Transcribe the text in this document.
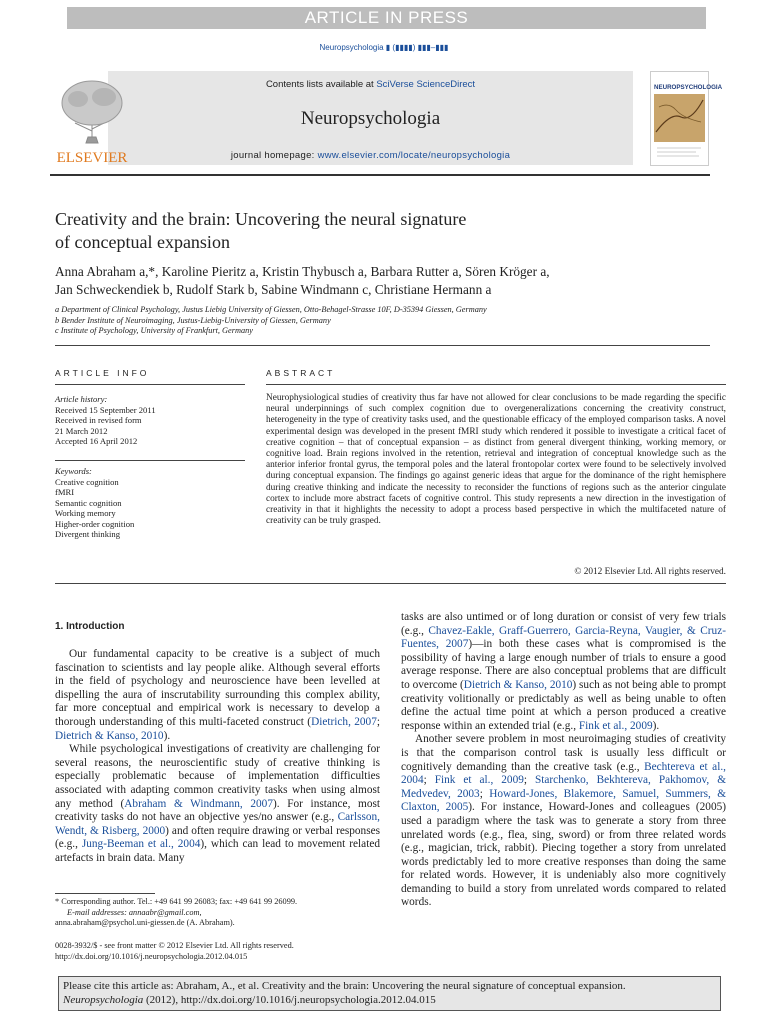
ARTICLE IN PRESS
Neuropsychologia ▮ (▮▮▮▮) ▮▮▮–▮▮▮
ELSEVIER
Contents lists available at SciVerse ScienceDirect
Neuropsychologia
journal homepage: www.elsevier.com/locate/neuropsychologia
NEUROPSYCHOLOGIA
Creativity and the brain: Uncovering the neural signature
of conceptual expansion
Anna Abraham a,*, Karoline Pieritz a, Kristin Thybusch a, Barbara Rutter a, Sören Kröger a,
Jan Schweckendiek b, Rudolf Stark b, Sabine Windmann c, Christiane Hermann a
a Department of Clinical Psychology, Justus Liebig University of Giessen, Otto-Behagel-Strasse 10F, D-35394 Giessen, Germany
b Bender Institute of Neuroimaging, Justus-Liebig-University of Giessen, Germany
c Institute of Psychology, University of Frankfurt, Germany
ARTICLE INFO	ABSTRACT
Article history:
Received 15 September 2011
Received in revised form
21 March 2012
Accepted 16 April 2012
Keywords:
Creative cognition
fMRI
Semantic cognition
Working memory
Higher-order cognition
Divergent thinking
Neurophysiological studies of creativity thus far have not allowed for clear conclusions to be made regarding the specific neural underpinnings of such complex cognition due to overgeneralizations concerning the creativity construct, heterogeneity in the type of creativity tasks used, and the questionable efficacy of the employed comparison tasks. A novel experimental design was developed in the present fMRI study which rendered it possible to investigate a critical facet of creative cognition – that of conceptual expansion – as distinct from general divergent thinking, working memory, or cognitive load. Brain regions involved in the retention, retrieval and integration of conceptual knowledge such as the anterior inferior frontal gyrus, the temporal poles and the lateral frontopolar cortex were found to be selectively involved during conceptual expansion. The findings go against generic ideas that argue for the dominance of the right hemisphere during creative thinking and indicate the necessity to reconsider the functions of regions such as the anterior cingulate cortex to include more abstract facets of cognitive control. This study represents a new direction in the investigation of creativity in that it highlights the necessity to adopt a process based perspective in which the multifaceted nature of creativity can be truly grasped.
© 2012 Elsevier Ltd. All rights reserved.
1. Introduction

Our fundamental capacity to be creative is a subject of much fascination to scientists and lay people alike. Although several efforts in the field of psychology and neuroscience have been levelled at dispelling the aura of inscrutability surrounding this complex ability, far more conceptual and empirical work is necessary to develop a thorough understanding of this multi-faceted construct (Dietrich, 2007; Dietrich & Kanso, 2010).

While psychological investigations of creativity are challenging for several reasons, the neuroscientific study of creative thinking is especially problematic because of implementation difficulties associated with adapting common creativity tasks when using almost any method (Abraham & Windmann, 2007). For instance, most creativity tasks do not have an objective yes/no answer (e.g., Carlsson, Wendt, & Risberg, 2000) and often require drawing or verbal responses (e.g., Jung-Beeman et al., 2004), which can lead to movement related artefacts in brain data. Many

tasks are also untimed or of long duration or consist of very few trials (e.g., Chavez-Eakle, Graff-Guerrero, Garcia-Reyna, Vaugier, & Cruz-Fuentes, 2007)—in both these cases what is compromised is the possibility of having a large enough number of trials to ensure a good average response. There are also conceptual problems that are difficult to overcome (Dietrich & Kanso, 2010) such as not being able to prompt creativity volitionally or predictably as well as being unable to often define the actual time point at which a person produced a creative response within an extended trial (e.g., Fink et al., 2009).

Another severe problem in most neuroimaging studies of creativity is that the comparison control task is usually less difficult or cognitively demanding than the creative task (e.g., Bechtereva et al., 2004; Fink et al., 2009; Starchenko, Bekhtereva, Pakhomov, & Medvedev, 2003; Howard-Jones, Blakemore, Samuel, Summers, & Claxton, 2005). For instance, Howard-Jones and colleagues (2005) used a paradigm where the task was to generate a story from three unrelated words (e.g., flea, sing, sword) or from three related words (e.g., magician, trick, rabbit). Piecing together a story from unrelated words predictably led to more creative responses than doing the same for related words. However, it is undeniably also more cognitively demanding to build a story from unrelated words compared to related words.

* Corresponding author. Tel.: +49 641 99 26083; fax: +49 641 99 26099.
E-mail addresses: annaabr@gmail.com,
anna.abraham@psychol.uni-giessen.de (A. Abraham).
0028-3932/$ - see front matter © 2012 Elsevier Ltd. All rights reserved.
http://dx.doi.org/10.1016/j.neuropsychologia.2012.04.015
Please cite this article as: Abraham, A., et al. Creativity and the brain: Uncovering the neural signature of conceptual expansion.
Neuropsychologia (2012), http://dx.doi.org/10.1016/j.neuropsychologia.2012.04.015
